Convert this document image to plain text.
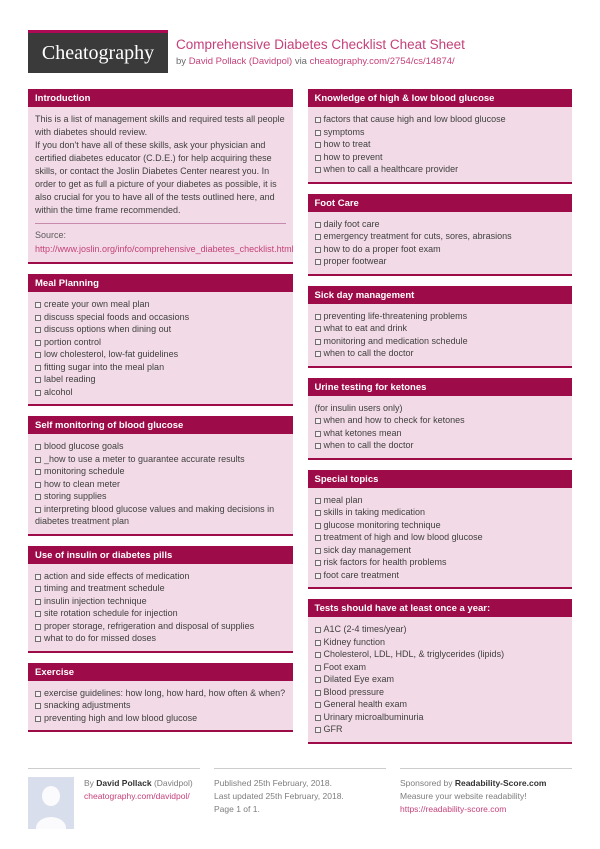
Cheatography Comprehensive Diabetes Checklist Cheat Sheet
by David Pollack (Davidpol) via cheatography.com/2754/cs/14874/
Introduction

This is a list of management skills and required tests all people with diabetes should review.

If you don't have all of these skills, ask your physician and certified diabetes educator (C.D.E.) for help acquiring these skills, or contact the Joslin Diabetes Center nearest you. In order to get as full a picture of your diabetes as possible, it is also crucial for you to have all of the tests outlined here, and within the time frame recommended.

Source:
http://www.joslin.org/info/comprehensive_diabetes_checklist.html
Meal Planning
create your own meal plan
discuss special foods and occasions
discuss options when dining out
portion control
low cholesterol, low-fat guidelines
fitting sugar into the meal plan
label reading
alcohol
Self monitoring of blood glucose
blood glucose goals
_how to use a meter to guarantee accurate results
monitoring schedule
how to clean meter
storing supplies
interpreting blood glucose values and making decisions in diabetes treatment plan
Use of insulin or diabetes pills
action and side effects of medication
timing and treatment schedule
insulin injection technique
site rotation schedule for injection
proper storage, refrigeration and disposal of supplies
what to do for missed doses
Exercise
exercise guidelines: how long, how hard, how often & when?
snacking adjustments
preventing high and low blood glucose
Knowledge of high & low blood glucose
factors that cause high and low blood glucose
symptoms
how to treat
how to prevent
when to call a healthcare provider
Foot Care
daily foot care
emergency treatment for cuts, sores, abrasions
how to do a proper foot exam
proper footwear
Sick day management
preventing life-threatening problems
what to eat and drink
monitoring and medication schedule
when to call the doctor
Urine testing for ketones
(for insulin users only)
when and how to check for ketones
what ketones mean
when to call the doctor
Special topics
meal plan
skills in taking medication
glucose monitoring technique
treatment of high and low blood glucose
sick day management
risk factors for health problems
foot care treatment
Tests should have at least once a year:
A1C (2-4 times/year)
Kidney function
Cholesterol, LDL, HDL, & triglycerides (lipids)
Foot exam
Dilated Eye exam
Blood pressure
General health exam
Urinary microalbuminuria
GFR
By David Pollack (Davidpol)
cheatography.com/davidpol/
Published 25th February, 2018.
Last updated 25th February, 2018.
Page 1 of 1.
Sponsored by Readability-Score.com
Measure your website readability!
https://readability-score.com
